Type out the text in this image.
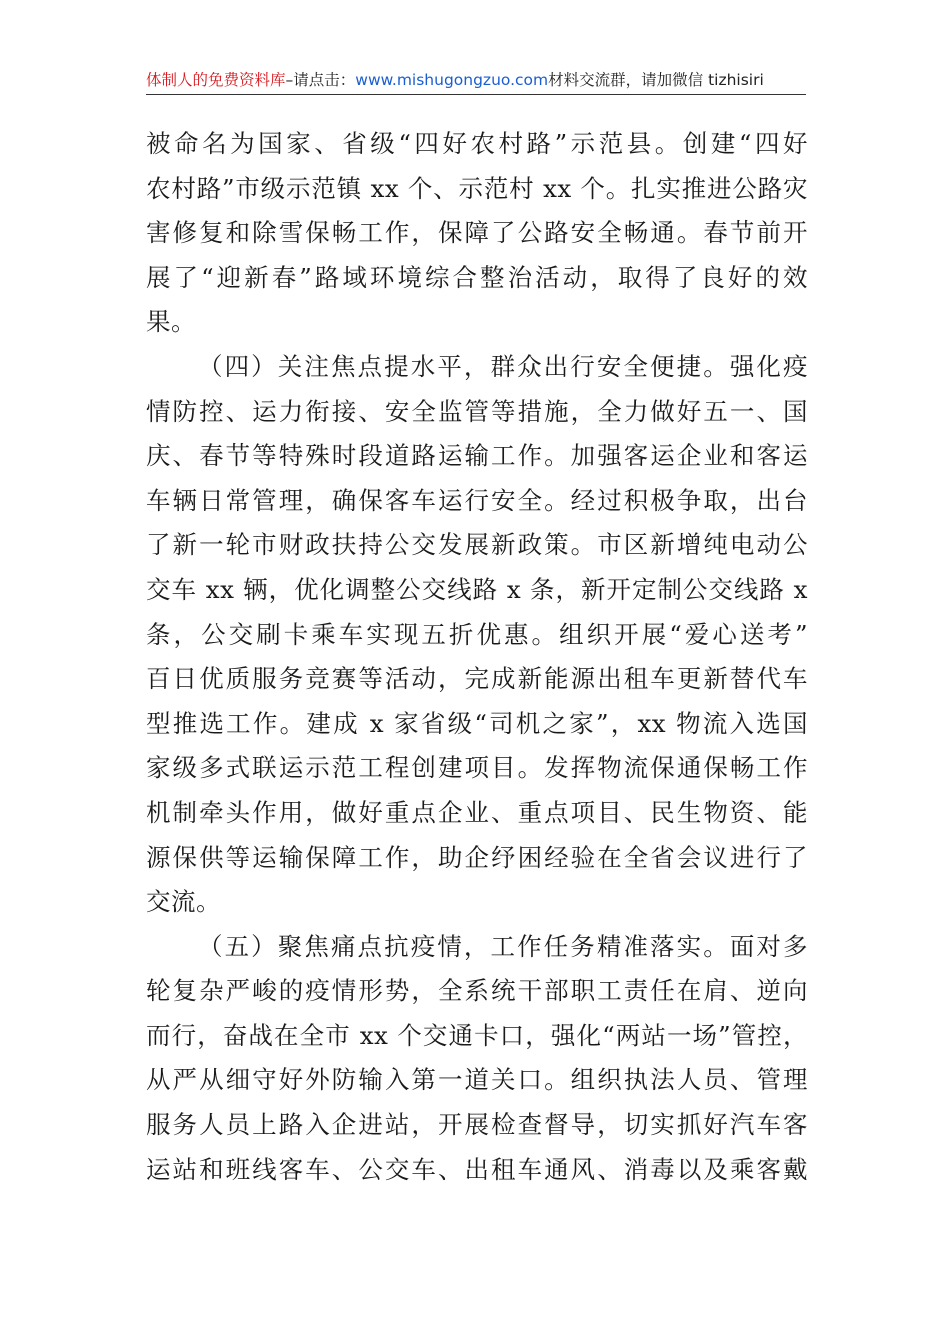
体制人的免费资料库–请点击：www.mishugongzuo.com材料交流群，请加微信 tizhisiri
被命名为国家、省级“四好农村路”示范县。创建“四好
农村路”市级示范镇 xx 个、示范村 xx 个。扎实推进公路灾
害修复和除雪保畅工作，保障了公路安全畅通。春节前开
展了“迎新春”路域环境综合整治活动，取得了良好的效
果。
（四）关注焦点提水平，群众出行安全便捷。强化疫
情防控、运力衔接、安全监管等措施，全力做好五一、国
庆、春节等特殊时段道路运输工作。加强客运企业和客运
车辆日常管理，确保客车运行安全。经过积极争取，出台
了新一轮市财政扶持公交发展新政策。市区新增纯电动公
交车 xx 辆，优化调整公交线路 x 条，新开定制公交线路 x
条，公交刷卡乘车实现五折优惠。组织开展“爱心送考”
百日优质服务竞赛等活动，完成新能源出租车更新替代车
型推选工作。建成 x 家省级“司机之家”，xx 物流入选国
家级多式联运示范工程创建项目。发挥物流保通保畅工作
机制牵头作用，做好重点企业、重点项目、民生物资、能
源保供等运输保障工作，助企纾困经验在全省会议进行了
交流。
（五）聚焦痛点抗疫情，工作任务精准落实。面对多
轮复杂严峻的疫情形势，全系统干部职工责任在肩、逆向
而行，奋战在全市 xx 个交通卡口，强化“两站一场”管控，
从严从细守好外防输入第一道关口。组织执法人员、管理
服务人员上路入企进站，开展检查督导，切实抓好汽车客
运站和班线客车、公交车、出租车通风、消毒以及乘客戴
